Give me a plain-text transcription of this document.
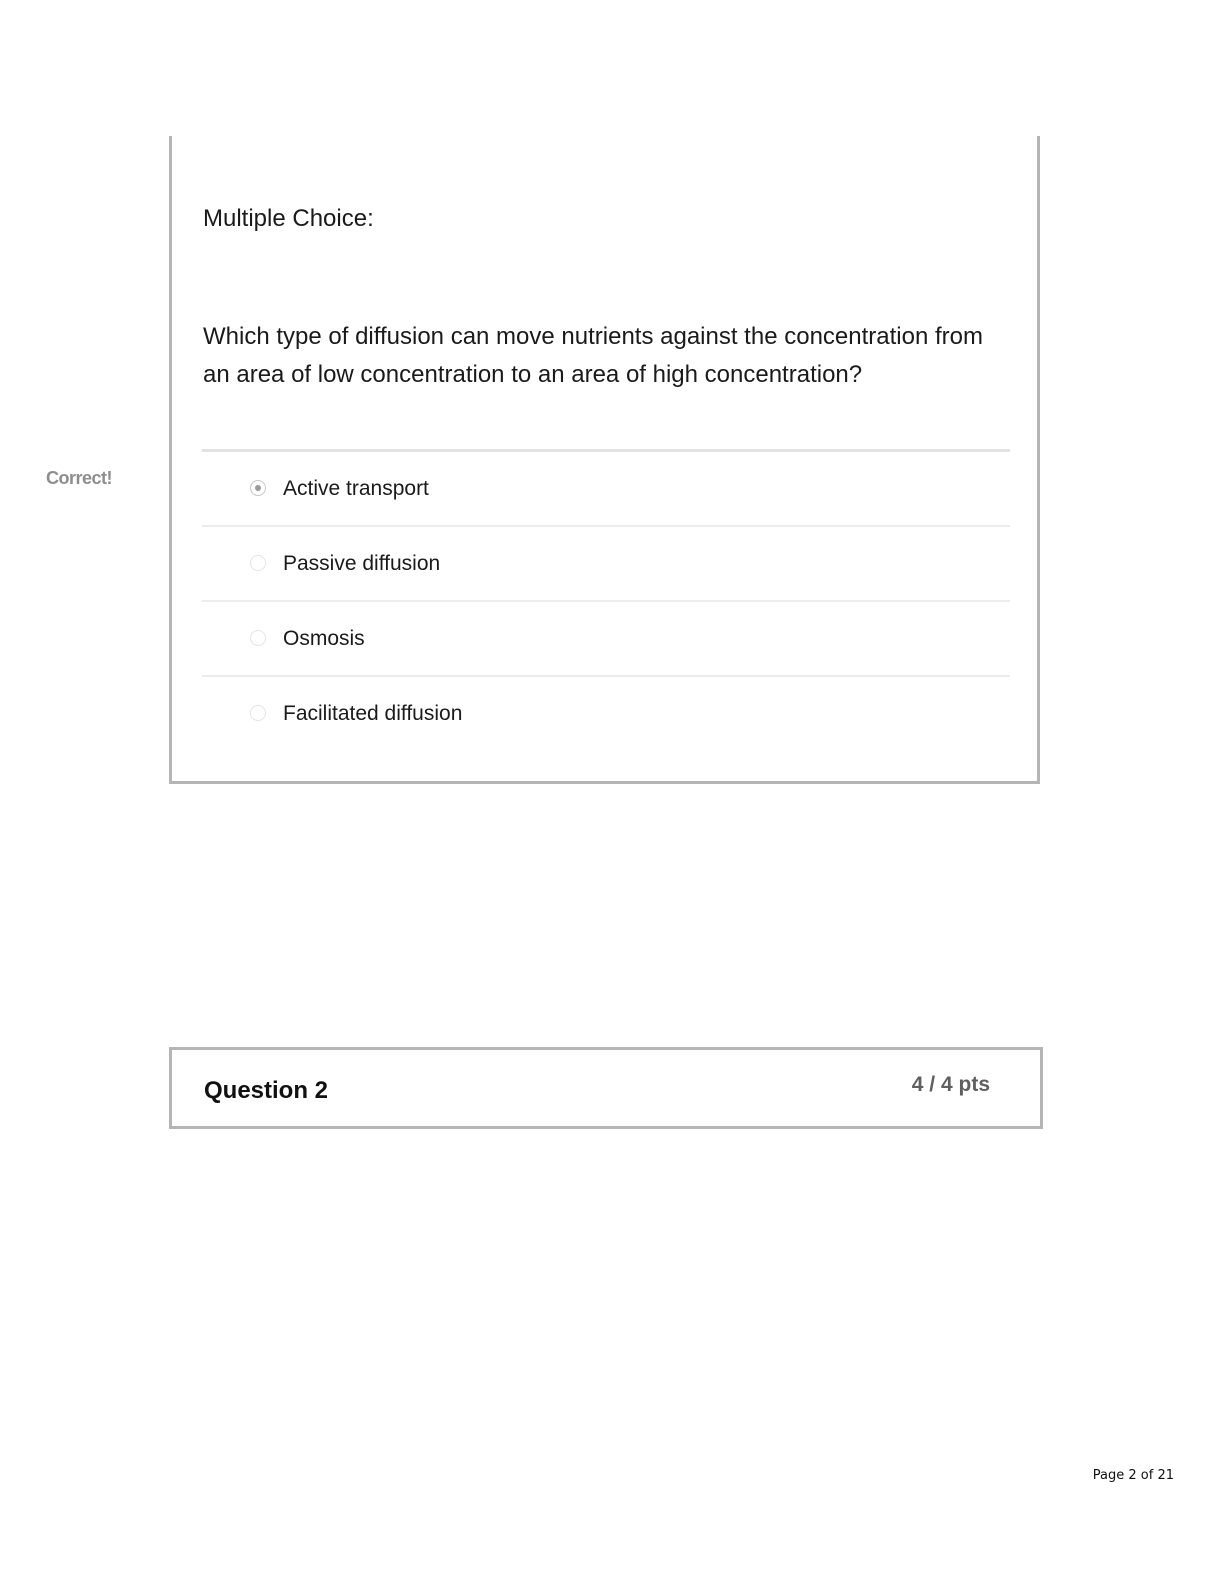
Multiple Choice:
Which type of diffusion can move nutrients against the concentration from an area of low concentration to an area of high concentration?
Correct!	Active transport
Passive diffusion
Osmosis
Facilitated diffusion
Question 2	4 / 4 pts
Page 2 of 21
